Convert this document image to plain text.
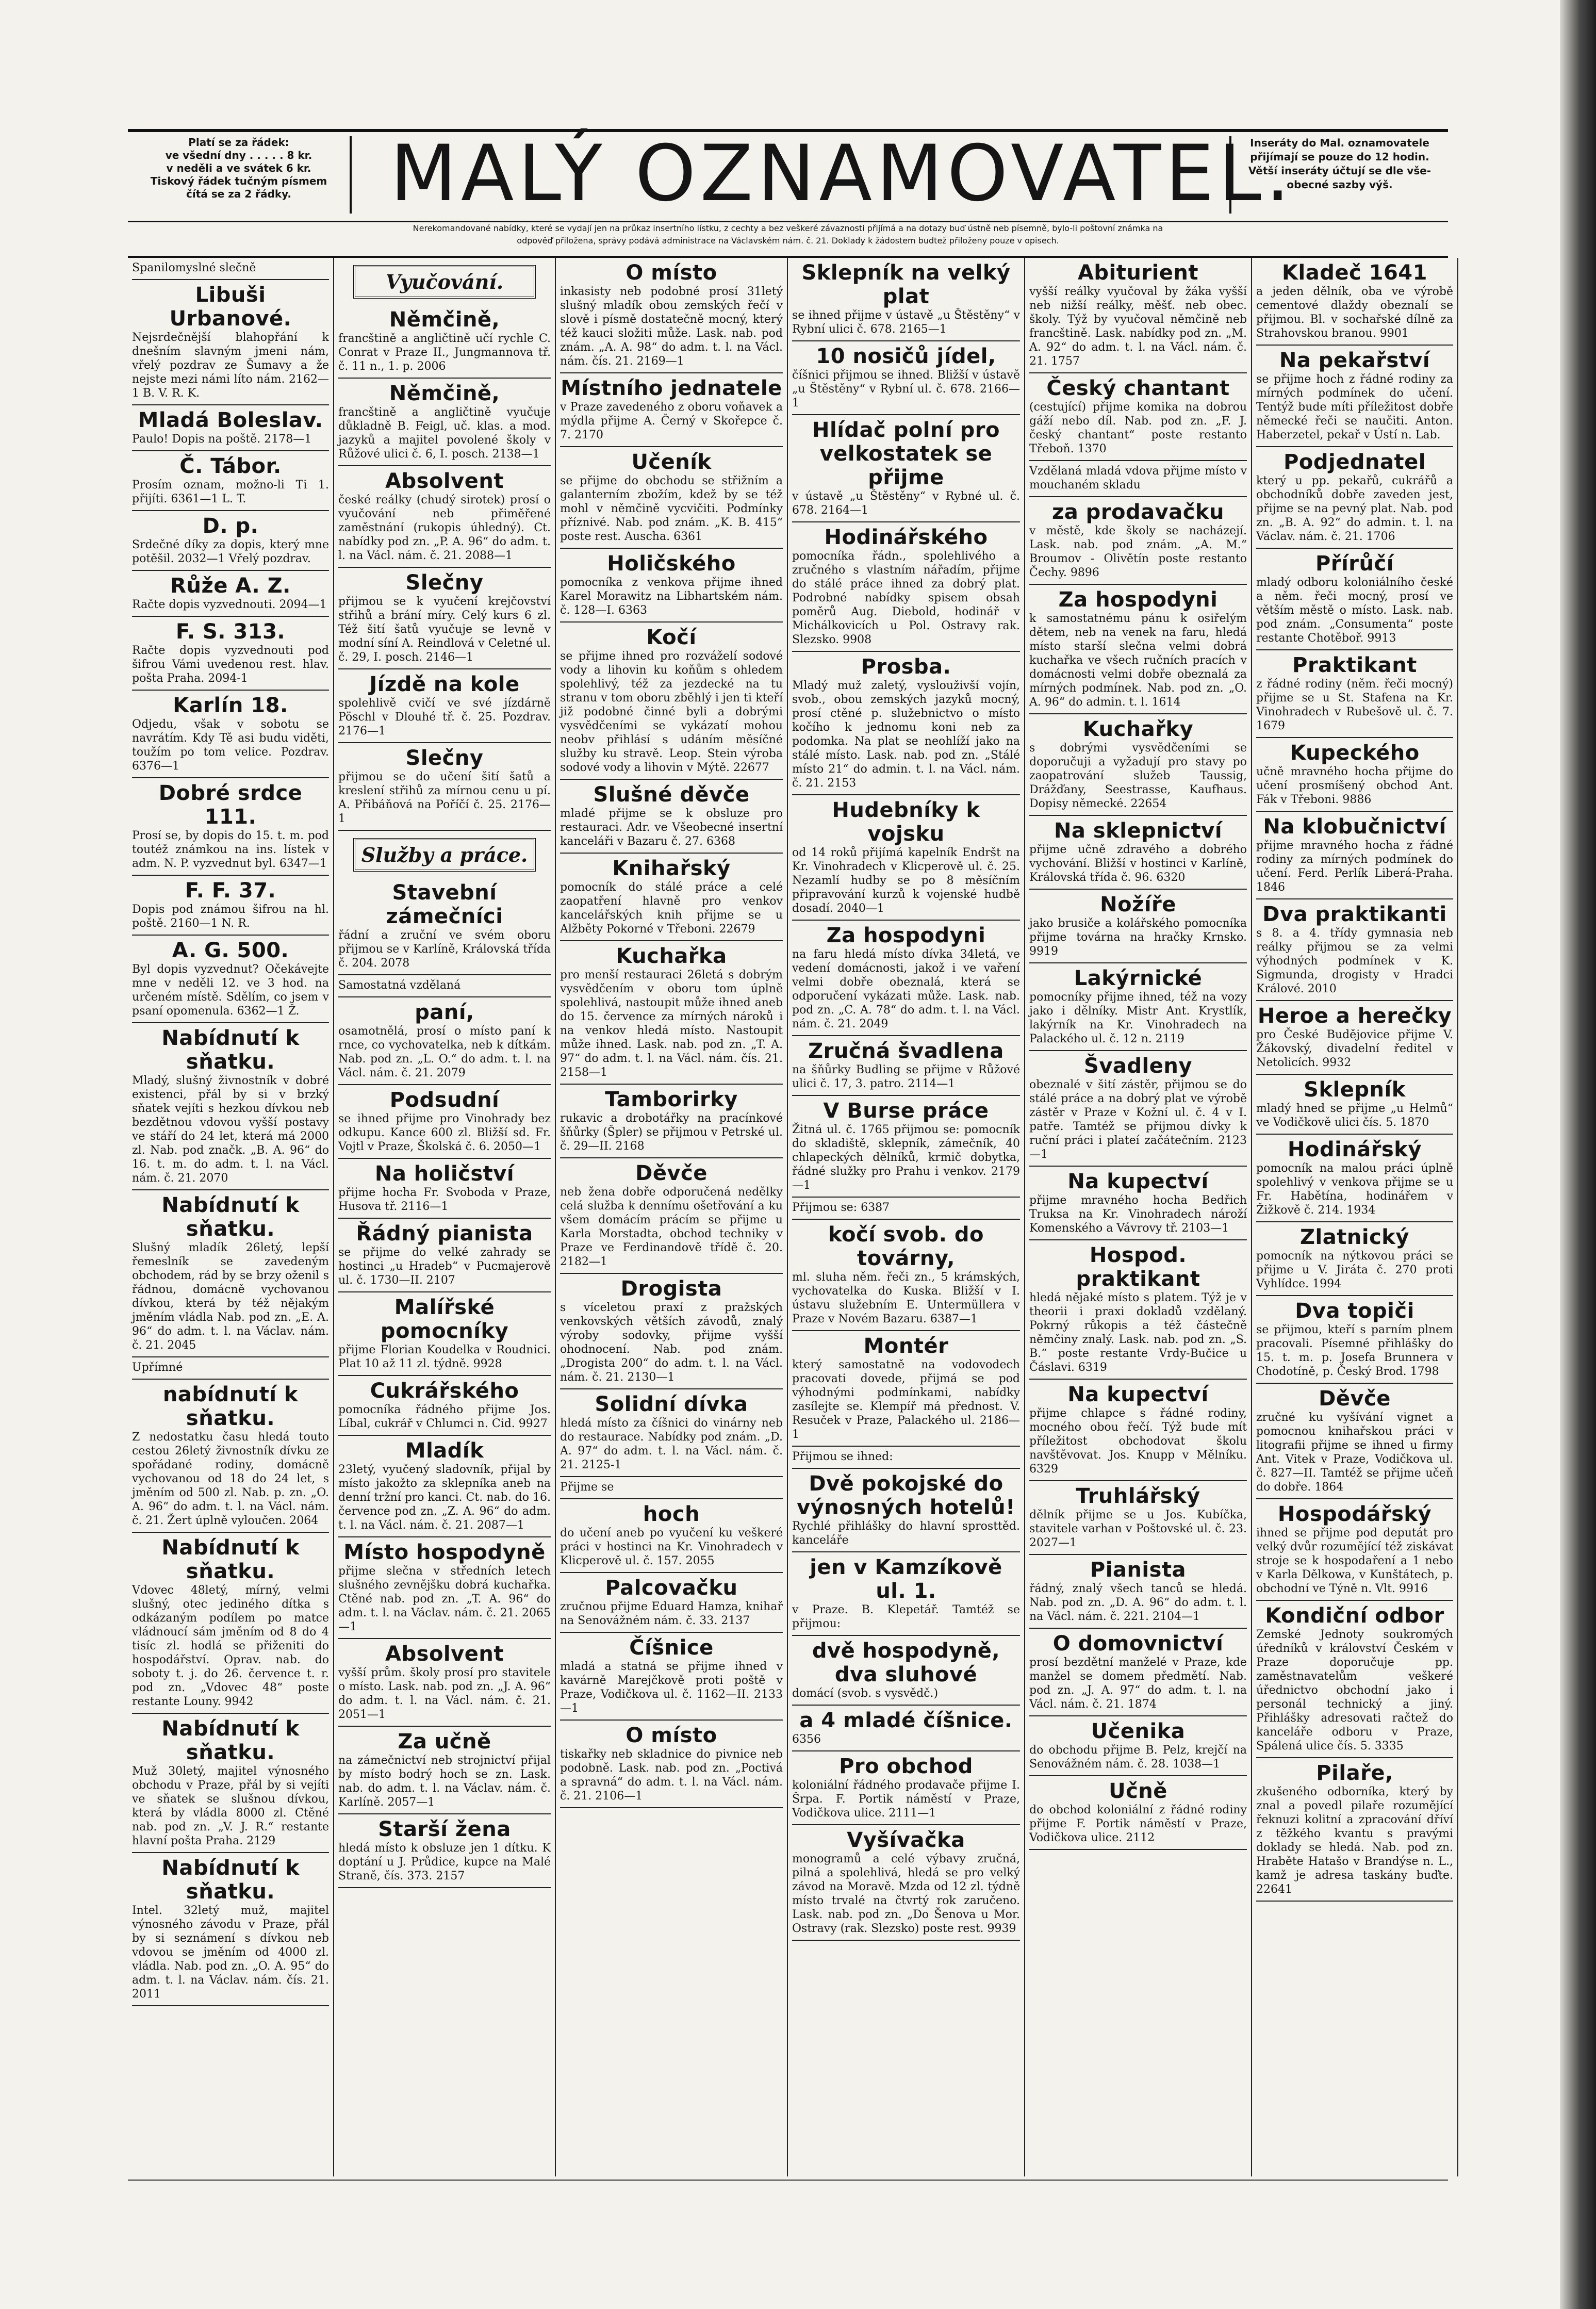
Platí se za řádek:
ve všední dny . . . . . 8 kr.
v neděli a ve svátek 6 kr.
Tiskový řádek tučným písmem
čítá se za 2 řádky.	MALÝ OZNAMOVATEL.
Inseráty do Mal. oznamovatele
přijímají se pouze do 12 hodin.
Větší inseráty účtují se dle vše-
obecné sazby výš.
Nerekomandované nabídky, které se vydají jen na průkaz insertního lístku, z cechty a bez veškeré závaznosti přijímá a na dotazy buď ústně neb písemně, bylo-li poštovní známka na
odpověď přiložena, správy podává administrace na Václavském nám. č. 21. Doklady k žádostem budtež přiloženy pouze v opisech.
Spanilomyslné slečně
Libuši Urbanové.
Nejsrdečnější blahopřání k dnešním slavným jmeni nám, vřelý pozdrav ze Šumavy a že nejste mezi námi líto nám. 2162—1 B. V. R. K.
Mladá Boleslav.
Paulo! Dopis na poště. 2178—1
Č. Tábor.
Prosím oznam, možno-li Ti 1. přijíti. 6361—1 L. T.
D. p.
Srdečné díky za dopis, který mne potěšil. 2032—1 Vřelý pozdrav.
Růže A. Z.
Račte dopis vyzvednouti. 2094—1
F. S. 313.
Račte dopis vyzvednouti pod šifrou Vámi uvedenou rest. hlav. pošta Praha. 2094-1
Karlín 18.
Odjedu, však v sobotu se navrátím. Kdy Tě asi budu viděti, toužím po tom velice. Pozdrav. 6376—1
Dobré srdce 111.
Prosí se, by dopis do 15. t. m. pod toutéž známkou na ins. lístek v adm. N. P. vyzvednut byl. 6347—1
F. F. 37.
Dopis pod známou šifrou na hl. poště. 2160—1 N. R.
A. G. 500.
Byl dopis vyzvednut? Očekávejte mne v neděli 12. ve 3 hod. na určeném místě. Sdělím, co jsem v psaní opomenula. 6362—1 Ž.
Nabídnutí k sňatku.
Mladý, slušný živnostník v dobré existenci, přál by si v brzký sňatek vejíti s hezkou dívkou neb bezdětnou vdovou vyšší postavy ve stáří do 24 let, která má 2000 zl. Nab. pod značk. „B. A. 96“ do 16. t. m. do adm. t. l. na Václ. nám. č. 21. 2070
Nabídnutí k sňatku.
Slušný mladík 26letý, lepší řemeslník se zavedeným obchodem, rád by se brzy oženil s řádnou, domácně vychovanou dívkou, která by též nějakým jměním vládla Nab. pod zn. „E. A. 96“ do adm. t. l. na Václav. nám. č. 21. 2045
Upřímné
nabídnutí k sňatku.
Z nedostatku času hledá touto cestou 26letý živnostník dívku ze spořádané rodiny, domácně vychovanou od 18 do 24 let, s jměním od 500 zl. Nab. p. zn. „O. A. 96“ do adm. t. l. na Václ. nám. č. 21. Žert úplně vyloučen. 2064
Nabídnutí k sňatku.
Vdovec 48letý, mírný, velmi slušný, otec jediného dítka s odkázaným podílem po matce vládnoucí sám jměním od 8 do 4 tisíc zl. hodlá se přiženiti do hospodářství. Oprav. nab. do soboty t. j. do 26. července t. r. pod zn. „Vdovec 48“ poste restante Louny. 9942
Nabídnutí k sňatku.
Muž 30letý, majitel výnosného obchodu v Praze, přál by si vejíti ve sňatek se slušnou dívkou, která by vládla 8000 zl. Ctěné nab. pod zn. „V. J. R.“ restante hlavní pošta Praha. 2129
Nabídnutí k sňatku.
Intel. 32letý muž, majitel výnosného závodu v Praze, přál by si seznámení s dívkou neb vdovou se jměním od 4000 zl. vládla. Nab. pod zn. „O. A. 95“ do adm. t. l. na Václav. nám. čís. 21. 2011
Vyučování.
Němčině,
francštině a angličtině učí rychle C. Conrat v Praze II., Jungmannova tř. č. 11 n., 1. p. 2006
Němčině,
francštině a angličtině vyučuje důkladně B. Feigl, uč. klas. a mod. jazyků a majitel povolené školy v Růžové ulici č. 6, I. posch. 2138—1
Absolvent
české reálky (chudý sirotek) prosí o vyučování neb přiměřené zaměstnání (rukopis úhledný). Ct. nabídky pod zn. „P. A. 96“ do adm. t. l. na Václ. nám. č. 21. 2088—1
Slečny
přijmou se k vyučení krejčovství střihů a brání míry. Celý kurs 6 zl. Též šití šatů vyučuje se levně v modní síní A. Reindlová v Celetné ul. č. 29, I. posch. 2146—1
Jízdě na kole
spolehlivě cvičí ve své jízdárně Pöschl v Dlouhé tř. č. 25. Pozdrav. 2176—1
Slečny
přijmou se do učení šití šatů a kreslení střihů za mírnou cenu u pí. A. Přibáňová na Poříčí č. 25. 2176—1
Služby a práce.
Stavební zámečníci
řádní a zruční ve svém oboru přijmou se v Karlíně, Královská třída č. 204. 2078
Samostatná vzdělaná
paní,
osamotnělá, prosí o místo paní k rnce, co vychovatelka, neb k dítkám. Nab. pod zn. „L. O.“ do adm. t. l. na Václ. nám. č. 21. 2079
Podsudní
se ihned přijme pro Vinohrady bez odkupu. Kance 600 zl. Bližší sd. Fr. Vojtl v Praze, Školská č. 6. 2050—1
Na holičství
přijme hocha Fr. Svoboda v Praze, Husova tř. 2116—1
Řádný pianista
se přijme do velké zahrady se hostinci „u Hradeb“ v Pucmajerově ul. č. 1730—II. 2107
Malířské pomocníky
přijme Florian Koudelka v Roudnici. Plat 10 až 11 zl. týdně. 9928
Cukrářského
pomocníka řádného přijme Jos. Líbal, cukrář v Chlumci n. Cid. 9927
Mladík
23letý, vyučený sladovník, přijal by místo jakožto za sklepníka aneb na denní tržní pro kanci. Ct. nab. do 16. července pod zn. „Z. A. 96“ do adm. t. l. na Václ. nám. č. 21. 2087—1
Místo hospodyně
přijme slečna v středních letech slušného zevnějšku dobrá kuchařka. Ctěné nab. pod zn. „T. A. 96“ do adm. t. l. na Václav. nám. č. 21. 2065—1
Absolvent
vyšší prům. školy prosí pro stavitele o místo. Lask. nab. pod zn. „J. A. 96“ do adm. t. l. na Václ. nám. č. 21. 2051—1
Za učně
na zámečnictví neb strojnictví přijal by místo bodrý hoch se zn. Lask. nab. do adm. t. l. na Václav. nám. č. Karlíně. 2057—1
Starší žena
hledá místo k obsluze jen 1 dítku. K doptání u J. Průdice, kupce na Malé Straně, čís. 373. 2157
O místo
inkasisty neb podobné prosí 31letý slušný mladík obou zemských řečí v slově i písmě dostatečně mocný, který též kauci složiti může. Lask. nab. pod znám. „A. A. 98“ do adm. t. l. na Václ. nám. čís. 21. 2169—1
Místního jednatele
v Praze zavedeného z oboru voňavek a mýdla přijme A. Černý v Skořepce č. 7. 2170
Učeník
se přijme do obchodu se střižním a galanterním zbožím, kdež by se též mohl v němčině vycvičiti. Podmínky příznivé. Nab. pod znám. „K. B. 415“ poste rest. Auscha. 6361
Holičského
pomocníka z venkova přijme ihned Karel Morawitz na Libhartském nám. č. 128—I. 6363
Kočí
se přijme ihned pro rozváželí sodové vody a lihovin ku koňům s ohledem spolehlivý, též za jezdecké na tu stranu v tom oboru zběhlý i jen ti kteří již podobné činné byli a dobrými vysvědčeními se vykázatí mohou neobv přihlásí s udáním měsíčné služby ku stravě. Leop. Stein výroba sodové vody a lihovin v Mýtě. 22677
Slušné děvče
mladé přijme se k obsluze pro restauraci. Adr. ve Všeobecné insertní kanceláři v Bazaru č. 27. 6368
Knihařský
pomocník do stálé práce a celé zaopatření hlavně pro venkov kancelářských knih přijme se u Alžběty Pokorné v Třeboni. 22679
Kuchařka
pro menší restauraci 26letá s dobrým vysvědčením v oboru tom úplně spolehlivá, nastoupit může ihned aneb do 15. července za mírných nároků i na venkov hledá místo. Nastoupit může ihned. Lask. nab. pod zn. „T. A. 97“ do adm. t. l. na Václ. nám. čís. 21. 2158—1
Tamborirky
rukavic a drobotářky na pracínkové šňůrky (Špler) se přijmou v Petrské ul. č. 29—II. 2168
Děvče
neb žena dobře odporučená nedělky celá služba k dennímu ošetřování a ku všem domácím prácím se přijme u Karla Morstadta, obchod techniky v Praze ve Ferdinandově třídě č. 20. 2182—1
Drogista
s víceletou praxí z pražských venkovských větších závodů, znalý výroby sodovky, přijme vyšší ohodnocení. Nab. pod znám. „Drogista 200“ do adm. t. l. na Václ. nám. č. 21. 2130—1
Solidní dívka
hledá místo za číšnici do vinárny neb do restaurace. Nabídky pod znám. „D. A. 97“ do adm. t. l. na Václ. nám. č. 21. 2125-1
Přijme se
hoch
do učení aneb po vyučení ku veškeré práci v hostinci na Kr. Vinohradech v Klicperově ul. č. 157. 2055
Palcovačku
zručnou přijme Eduard Hamza, knihař na Senovážném nám. č. 33. 2137
Číšnice
mladá a statná se přijme ihned v kavárně Marejčkově proti poště v Praze, Vodičkova ul. č. 1162—II. 2133—1
O místo
tiskařky neb skladnice do pivnice neb podobně. Lask. nab. pod zn. „Poctivá a spravná“ do adm. t. l. na Václ. nám. č. 21. 2106—1
Sklepník na velký plat
se ihned přijme v ústavě „u Štěstěny“ v Rybní ulici č. 678. 2165—1
10 nosičů jídel,
číšnici přijmou se ihned. Bližší v ústavě „u Štěstěny“ v Rybní ul. č. 678. 2166—1
Hlídač polní pro velkostatek se přijme
v ústavě „u Štěstěny“ v Rybné ul. č. 678. 2164—1
Hodinářského
pomocníka řádn., spolehlivého a zručného s vlastním nářadím, přijme do stálé práce ihned za dobrý plat. Podrobné nabídky spisem obsah poměrů Aug. Diebold, hodinář v Michálkovicích u Pol. Ostravy rak. Slezsko. 9908
Prosba.
Mladý muž zaletý, vyslouživší vojín, svob., obou zemských jazyků mocný, prosí ctěné p. služebnictvo o místo kočího k jednomu koni neb za podomka. Na plat se neohlíží jako na stálé místo. Lask. nab. pod zn. „Stálé místo 21“ do admin. t. l. na Václ. nám. č. 21. 2153
Hudebníky k vojsku
od 14 roků přijímá kapelník Endršt na Kr. Vinohradech v Klicperově ul. č. 25. Nezamlí hudby se po 8 měsíčním připravování kurzů k vojenské hudbě dosadí. 2040—1
Za hospodyni
na faru hledá místo dívka 34letá, ve vedení domácnosti, jakož i ve vaření velmi dobře obeznalá, která se odporučení vykázati může. Lask. nab. pod zn. „C. A. 78“ do adm. t. l. na Václ. nám. č. 21. 2049
Zručná švadlena
na šňůrky Budling se přijme v Růžové ulici č. 17, 3. patro. 2114—1
V Burse práce
Žitná ul. č. 1765 přijmou se: pomocník do skladiště, sklepník, zámečník, 40 chlapeckých dělníků, krmič dobytka, řádné služky pro Prahu i venkov. 2179—1
Přijmou se: 6387
kočí svob. do továrny,
ml. sluha něm. řeči zn., 5 krámských, vychovatelka do Kuska. Bližší v I. ústavu služebním E. Untermüllera v Praze v Novém Bazaru. 6387—1
Montér
který samostatně na vodovodech pracovati dovede, přijmá se pod výhodnými podmínkami, nabídky zasílejte se. Klempíř má přednost. V. Resuček v Praze, Palackého ul. 2186—1
Přijmou se ihned:
Dvě pokojské do výnosných hotelů!
Rychlé přihlášky do hlavní sprosttěd. kanceláře
jen v Kamzíkově ul. 1.
v Praze. B. Klepetář. Tamtéž se přijmou:
dvě hospodyně, dva sluhové
domácí (svob. s vysvědč.)
a 4 mladé číšnice.
6356
Pro obchod
koloniální řádného prodavače přijme I. Šrpa. F. Portik náměstí v Praze, Vodičkova ulice. 2111—1
Vyšívačka
monogramů a celé výbavy zručná, pilná a spolehlivá, hledá se pro velký závod na Moravě. Mzda od 12 zl. týdně místo trvalé na čtvrtý rok zaručeno. Lask. nab. pod zn. „Do Šenova u Mor. Ostravy (rak. Slezsko) poste rest. 9939
Abiturient
vyšší reálky vyučoval by žáka vyšší neb nižší reálky, měšť. neb obec. školy. Týž by vyučoval němčině neb francštině. Lask. nabídky pod zn. „M. A. 92“ do adm. t. l. na Václ. nám. č. 21. 1757
Český chantant
(cestující) přijme komika na dobrou gáží nebo díl. Nab. pod zn. „F. J. český chantant“ poste restanto Třeboň. 1370
Vzdělaná mladá vdova přijme místo v mouchaném skladu
za prodavačku
v městě, kde školy se nacházejí. Lask. nab. pod znám. „A. M.“ Broumov - Olivětín poste restanto Čechy. 9896
Za hospodyni
k samostatnému pánu k osiřelým dětem, neb na venek na faru, hledá místo starší slečna velmi dobrá kuchařka ve všech ručních pracích v domácnosti velmi dobře obeznalá za mírných podmínek. Nab. pod zn. „O. A. 96“ do admin. t. l. 1614
Kuchařky
s dobrými vysvědčeními se doporučuji a vyžadují pro stavy po zaopatrování služeb Taussig, Drážďany, Seestrasse, Kaufhaus. Dopisy německé. 22654
Na sklepnictví
přijme učně zdravého a dobrého vychování. Bližší v hostinci v Karlíně, Královská třída č. 96. 6320
Nožíře
jako brusiče a kolářského pomocníka přijme továrna na hračky Krnsko. 9919
Lakýrnické
pomocníky přijme ihned, též na vozy jako i dělníky. Mistr Ant. Krystlík, lakýrník na Kr. Vinohradech na Palackého ul. č. 12 n. 2119
Švadleny
obeznalé v šití zástěr, přijmou se do stálé práce a na dobrý plat ve výrobě zástěr v Praze v Kožní ul. č. 4 v I. patře. Tamtéž se přijmou dívky k ruční práci i plateí začátečním. 2123—1
Na kupectví
přijme mravného hocha Bedřich Truksa na Kr. Vinohradech nároží Komenského a Vávrovy tř. 2103—1
Hospod. praktikant
hledá nějaké místo s platem. Týž je v theorii i praxi dokladů vzdělaný. Pokrný růkopis a též částečně němčiny znalý. Lask. nab. pod zn. „S. B.“ poste restante Vrdy-Bučice u Čáslavi. 6319
Na kupectví
přijme chlapce s řádné rodiny, mocného obou řečí. Týž bude mít příležitost obchodovat školu navštěvovat. Jos. Knupp v Mělníku. 6329
Truhlářský
dělník přijme se u Jos. Kubíčka, stavitele varhan v Poštovské ul. č. 23. 2027—1
Pianista
řádný, znalý všech tanců se hledá. Nab. pod zn. „D. A. 96“ do adm. t. l. na Václ. nám. č. 221. 2104—1
O domovnictví
prosí bezdětní manželé v Praze, kde manžel se domem předmětí. Nab. pod zn. „J. A. 97“ do adm. t. l. na Václ. nám. č. 21. 1874
Učenika
do obchodu přijme B. Pelz, krejčí na Senovážném nám. č. 28. 1038—1
Učně
do obchod koloniální z řádné rodiny přijme F. Portik náměstí v Praze, Vodičkova ulice. 2112
Kladeč 1641
a jeden dělník, oba ve výrobě cementové dlaždy obeznalí se přijmou. Bl. v sochařské dílně za Strahovskou branou. 9901
Na pekařství
se přijme hoch z řádné rodiny za mírných podmínek do učení. Tentýž bude míti příležitost dobře německé řeči se naučiti. Anton. Haberzetel, pekař v Ústí n. Lab.
Podjednatel
který u pp. pekařů, cukrářů a obchodníků dobře zaveden jest, přijme se na pevný plat. Nab. pod zn. „B. A. 92“ do admin. t. l. na Václav. nám. č. 21. 1706
Přírůčí
mladý odboru koloniálního české a něm. řeči mocný, prosí ve větším městě o místo. Lask. nab. pod znám. „Consumenta“ poste restante Chotěboř. 9913
Praktikant
z řádné rodiny (něm. řeči mocný) přijme se u St. Stafena na Kr. Vinohradech v Rubešově ul. č. 7. 1679
Kupeckého
učně mravného hocha přijme do učení prosmíšený obchod Ant. Fák v Třeboni. 9886
Na klobučnictví
přijme mravného hocha z řádné rodiny za mírných podmínek do učení. Ferd. Perlík Liberá-Praha. 1846
Dva praktikanti
s 8. a 4. třídy gymnasia neb reálky přijmou se za velmi výhodných podmínek v K. Sigmunda, drogisty v Hradci Králové. 2010
Heroe a herečky
pro České Budějovice přijme V. Žákovský, divadelní ředitel v Netolicích. 9932
Sklepník
mladý hned se přijme „u Helmů“ ve Vodičkově ulici čís. 5. 1870
Hodinářský
pomocník na malou práci úplně spolehlivý v venkova přijme se u Fr. Habětína, hodinářem v Žižkově č. 214. 1934
Zlatnický
pomocník na nýtkovou práci se přijme u V. Jiráta č. 270 proti Vyhlídce. 1994
Dva topiči
se přijmou, kteří s parním plnem pracovali. Písemné přihlášky do 15. t. m. p. Josefa Brunnera v Chodotíně, p. Český Brod. 1798
Děvče
zručné ku vyšívání vignet a pomocnou knihařskou práci v litografii přijme se ihned u firmy Ant. Vitek v Praze, Vodičkova ul. č. 827—II. Tamtéž se přijme učeň do dobře. 1864
Hospodářský
ihned se přijme pod deputát pro velký dvůr rozumějící též ziskávat stroje se k hospodaření a 1 nebo v Karla Dělkowa, v Kunštátech, p. obchodní ve Týně n. Vlt. 9916
Kondiční odbor
Zemské Jednoty soukromých úředníků v království Českém v Praze doporučuje pp. zaměstnavatelům veškeré úřednictvo obchodní jako i personál technický a jiný. Přihlášky adresovati račtež do kanceláře odboru v Praze, Spálená ulice čís. 5. 3335
Pilaře,
zkušeného odborníka, který by znal a povedl pilaře rozumějící řeknuzi kolitní a zpracování dříví z těžkého kvantu s pravými doklady se hledá. Nab. pod zn. Hraběte Hatašo v Brandýse n. L., kamž je adresa taskány buďte. 22641
